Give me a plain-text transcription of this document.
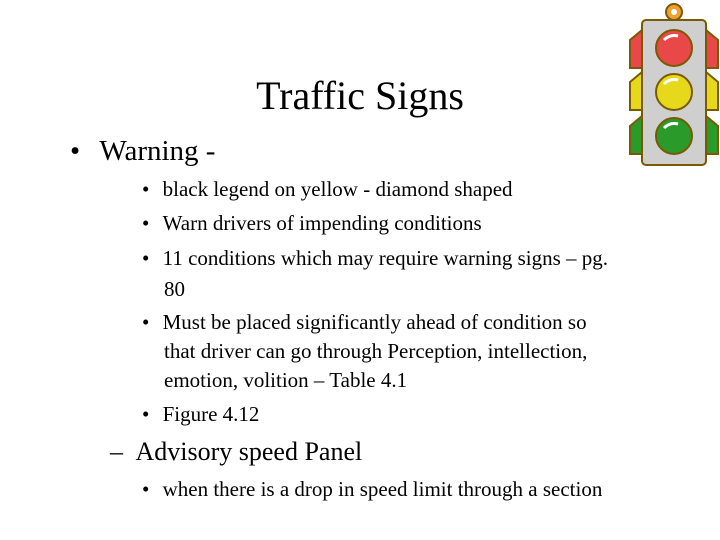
Traffic Signs
• Warning -
• black legend on yellow - diamond shaped
• Warn drivers of impending conditions
• 11 conditions which may require warning signs – pg.
80
• Must be placed significantly ahead of condition so
that driver can go through Perception, intellection,
emotion, volition – Table 4.1
• Figure 4.12
– Advisory speed Panel
• when there is a drop in speed limit through a section
